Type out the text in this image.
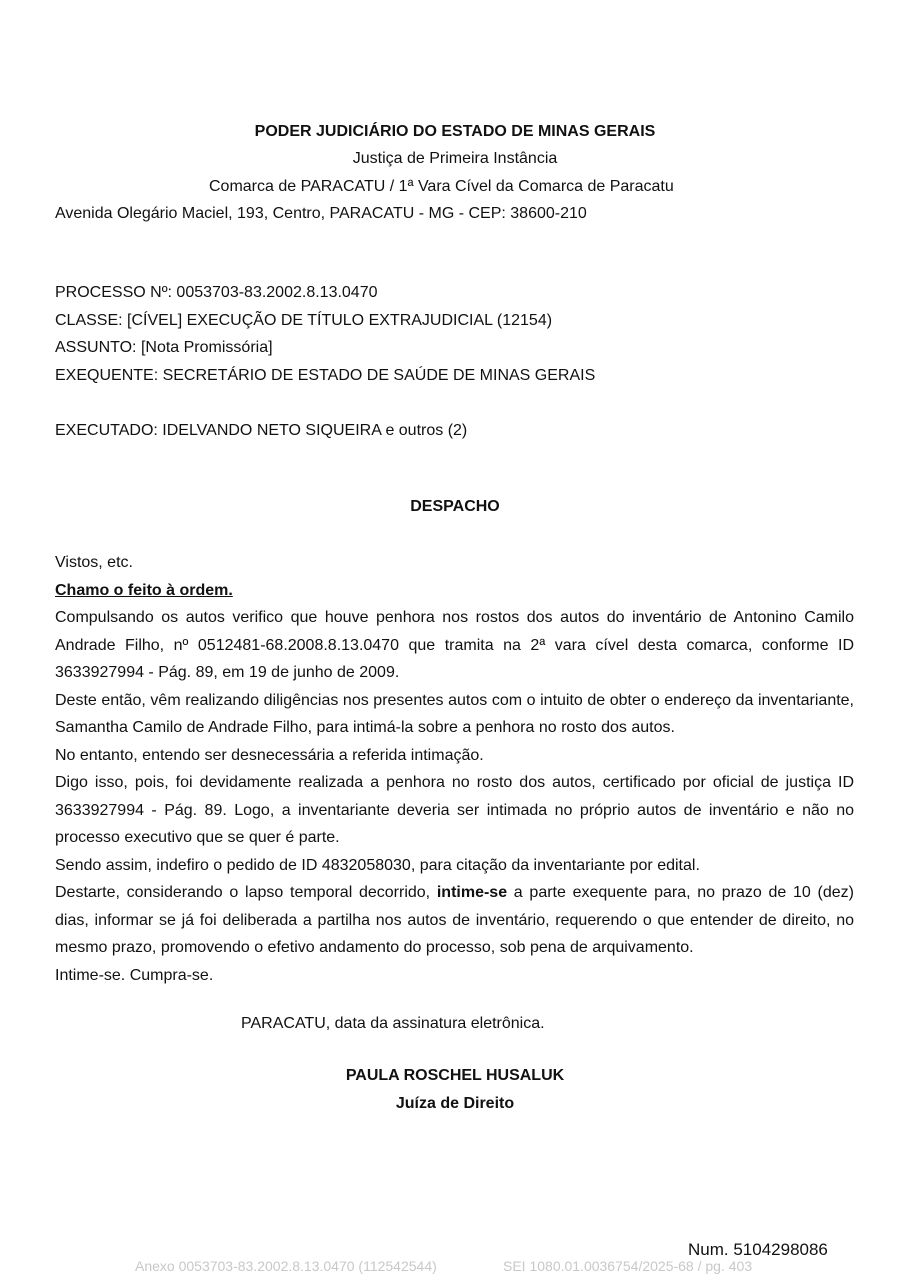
PODER JUDICIÁRIO DO ESTADO DE MINAS GERAIS
Justiça de Primeira Instância
Comarca de PARACATU / 1ª Vara Cível da Comarca de Paracatu
Avenida Olegário Maciel, 193, Centro, PARACATU - MG - CEP: 38600-210
PROCESSO Nº: 0053703-83.2002.8.13.0470
CLASSE: [CÍVEL] EXECUÇÃO DE TÍTULO EXTRAJUDICIAL (12154)
ASSUNTO: [Nota Promissória]
EXEQUENTE: SECRETÁRIO DE ESTADO DE SAÚDE DE MINAS GERAIS
EXECUTADO: IDELVANDO NETO SIQUEIRA e outros (2)
DESPACHO

Vistos, etc.

Chamo o feito à ordem.

Compulsando os autos verifico que houve penhora nos rostos dos autos do inventário de Antonino Camilo Andrade Filho, nº 0512481-68.2008.8.13.0470 que tramita na 2ª vara cível desta comarca, conforme ID 3633927994 - Pág. 89, em 19 de junho de 2009.

Deste então, vêm realizando diligências nos presentes autos com o intuito de obter o endereço da inventariante, Samantha Camilo de Andrade Filho, para intimá-la sobre a penhora no rosto dos autos.

No entanto, entendo ser desnecessária a referida intimação.

Digo isso, pois, foi devidamente realizada a penhora no rosto dos autos, certificado por oficial de justiça ID 3633927994 - Pág. 89. Logo, a inventariante deveria ser intimada no próprio autos de inventário e não no processo executivo que se quer é parte.

Sendo assim, indefiro o pedido de ID 4832058030, para citação da inventariante por edital.

Destarte, considerando o lapso temporal decorrido, intime-se a parte exequente para, no prazo de 10 (dez) dias, informar se já foi deliberada a partilha nos autos de inventário, requerendo o que entender de direito, no mesmo prazo, promovendo o efetivo andamento do processo, sob pena de arquivamento.

Intime-se. Cumpra-se.

PARACATU, data da assinatura eletrônica.
PAULA ROSCHEL HUSALUK
Juíza de Direito
Num. 5104298086
Anexo 0053703-83.2002.8.13.0470 (112542544)	SEI 1080.01.0036754/2025-68 / pg. 403
